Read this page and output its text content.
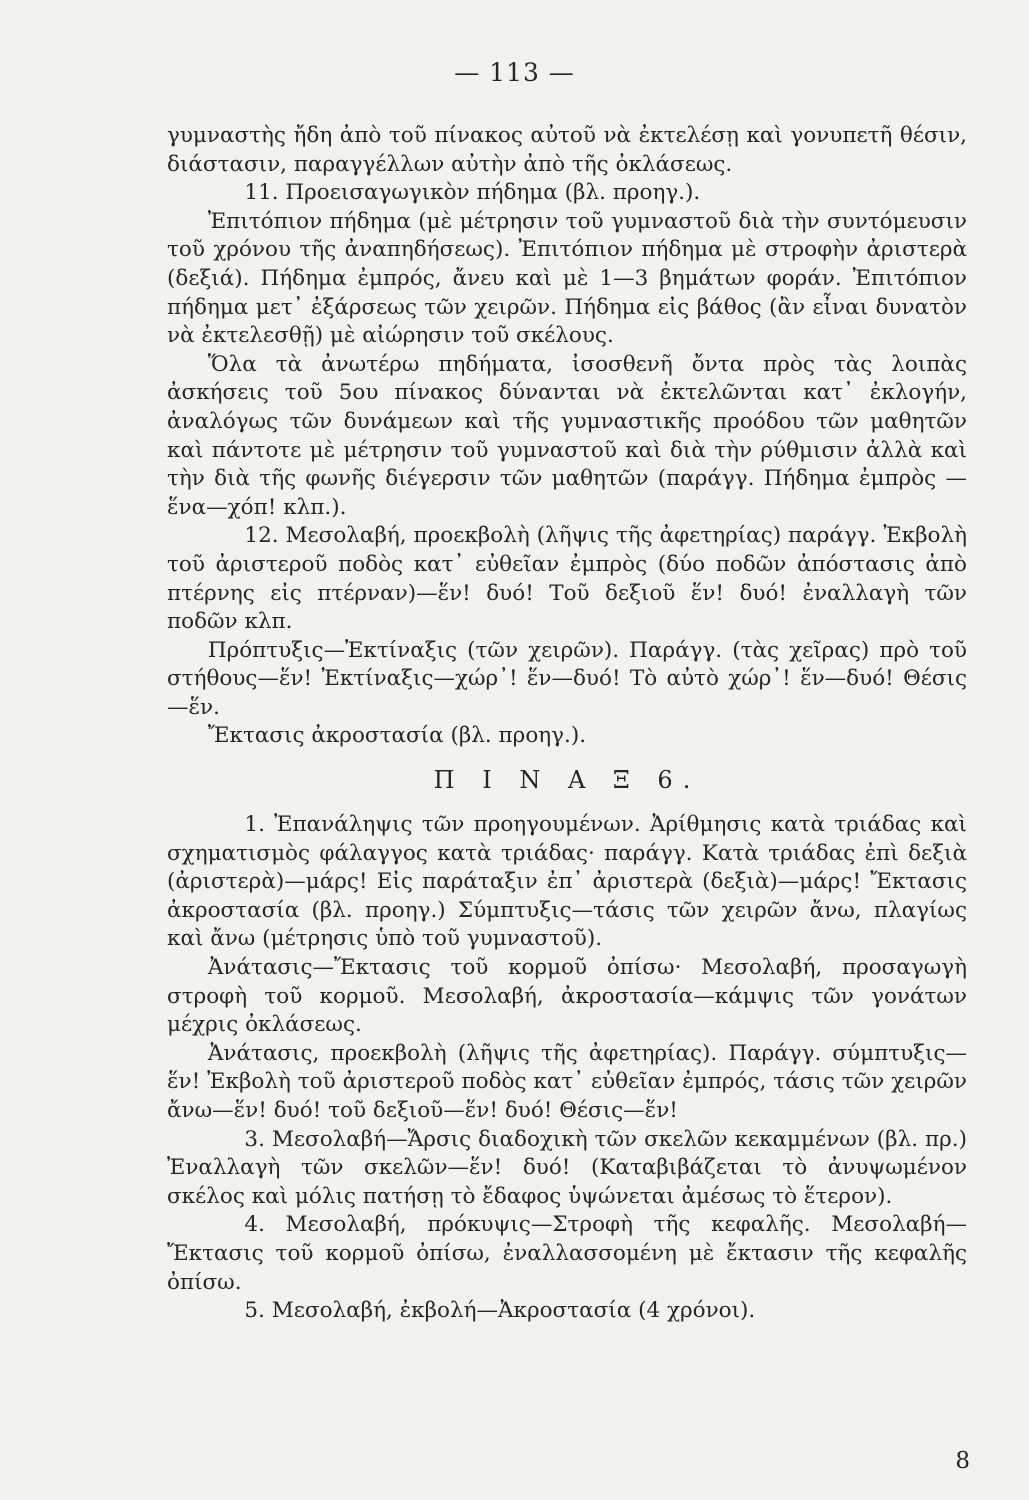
— 113 —

γυμναστὴς ἤδη ἀπὸ τοῦ πίνακος αὐτοῦ νὰ ἐκτελέσῃ καὶ γονυπετῆ θέσιν, διάστασιν, παραγγέλλων αὐτὴν ἀπὸ τῆς ὀκλάσεως.

11. Προεισαγωγικὸν πήδημα (βλ. προηγ.).

Ἐπιτόπιον πήδημα (μὲ μέτρησιν τοῦ γυμναστοῦ διὰ τὴν συντόμευσιν τοῦ χρόνου τῆς ἀναπηδήσεως). Ἐπιτόπιον πήδημα μὲ στροφὴν ἀριστερὰ (δεξιά). Πήδημα ἐμπρός, ἄνευ καὶ μὲ 1—3 βημάτων φοράν. Ἐπιτόπιον πήδημα μετ᾿ ἐξάρσεως τῶν χειρῶν. Πήδημα εἰς βάθος (ἂν εἶναι δυνατὸν νὰ ἐκτελεσθῇ) μὲ αἰώρησιν τοῦ σκέλους.

Ὅλα τὰ ἀνωτέρω πηδήματα, ἰσοσθενῆ ὄντα πρὸς τὰς λοιπὰς ἀσκήσεις τοῦ 5ου πίνακος δύνανται νὰ ἐκτελῶνται κατ᾿ ἐκλογήν, ἀναλόγως τῶν δυνάμεων καὶ τῆς γυμναστικῆς προόδου τῶν μαθητῶν καὶ πάντοτε μὲ μέτρησιν τοῦ γυμναστοῦ καὶ διὰ τὴν ρύθμισιν ἀλλὰ καὶ τὴν διὰ τῆς φωνῆς διέγερσιν τῶν μαθητῶν (παράγγ. Πήδημα ἐμπρὸς —ἕνα—χόπ! κλπ.).

12. Μεσολαβή, προεκβολὴ (λῆψις τῆς ἀφετηρίας) παράγγ. Ἐκβολὴ τοῦ ἀριστεροῦ ποδὸς κατ᾿ εὐθεῖαν ἐμπρὸς (δύο ποδῶν ἀπόστασις ἀπὸ πτέρνης εἰς πτέρναν)—ἕν! δυό! Τοῦ δεξιοῦ ἕν! δυό! ἐναλλαγὴ τῶν ποδῶν κλπ.

Πρόπτυξις—Ἐκτίναξις (τῶν χειρῶν). Παράγγ. (τὰς χεῖρας) πρὸ τοῦ στήθους—ἕν! Ἐκτίναξις—χώρ᾿! ἕν—δυό! Τὸ αὐτὸ χώρ᾿! ἕν—δυό! Θέσις—ἕν.

Ἔκτασις ἀκροστασία (βλ. προηγ.).

Π Ι Ν Α Ξ 6.

1. Ἐπανάληψις τῶν προηγουμένων. Ἀρίθμησις κατὰ τριάδας καὶ σχηματισμὸς φάλαγγος κατὰ τριάδας· παράγγ. Κατὰ τριάδας ἐπὶ δεξιὰ (ἀριστερὰ)—μάρς! Εἰς παράταξιν ἐπ᾿ ἀριστερὰ (δεξιὰ)—μάρς! Ἔκτασις ἀκροστασία (βλ. προηγ.) Σύμπτυξις—τάσις τῶν χειρῶν ἄνω, πλαγίως καὶ ἄνω (μέτρησις ὑπὸ τοῦ γυμναστοῦ).

Ἀνάτασις—Ἔκτασις τοῦ κορμοῦ ὀπίσω· Μεσολαβή, προσαγωγὴ στροφὴ τοῦ κορμοῦ. Μεσολαβή, ἀκροστασία—κάμψις τῶν γονάτων μέχρις ὀκλάσεως.

Ἀνάτασις, προεκβολὴ (λῆψις τῆς ἀφετηρίας). Παράγγ. σύμπτυξις—ἕν! Ἐκβολὴ τοῦ ἀριστεροῦ ποδὸς κατ᾿ εὐθεῖαν ἐμπρός, τάσις τῶν χειρῶν ἄνω—ἕν! δυό! τοῦ δεξιοῦ—ἕν! δυό! Θέσις—ἕν!

3. Μεσολαβή—Ἄρσις διαδοχικὴ τῶν σκελῶν κεκαμμένων (βλ. πρ.) Ἐναλλαγὴ τῶν σκελῶν—ἕν! δυό! (Καταβιβάζεται τὸ ἀνυψωμένον σκέλος καὶ μόλις πατήσῃ τὸ ἔδαφος ὑψώνεται ἀμέσως τὸ ἕτερον).

4. Μεσολαβή, πρόκυψις—Στροφὴ τῆς κεφαλῆς. Μεσολαβή—Ἔκτασις τοῦ κορμοῦ ὀπίσω, ἐναλλασσομένη μὲ ἔκτασιν τῆς κεφαλῆς ὀπίσω.

5. Μεσολαβή, ἐκβολή—Ἀκροστασία (4 χρόνοι).

8
